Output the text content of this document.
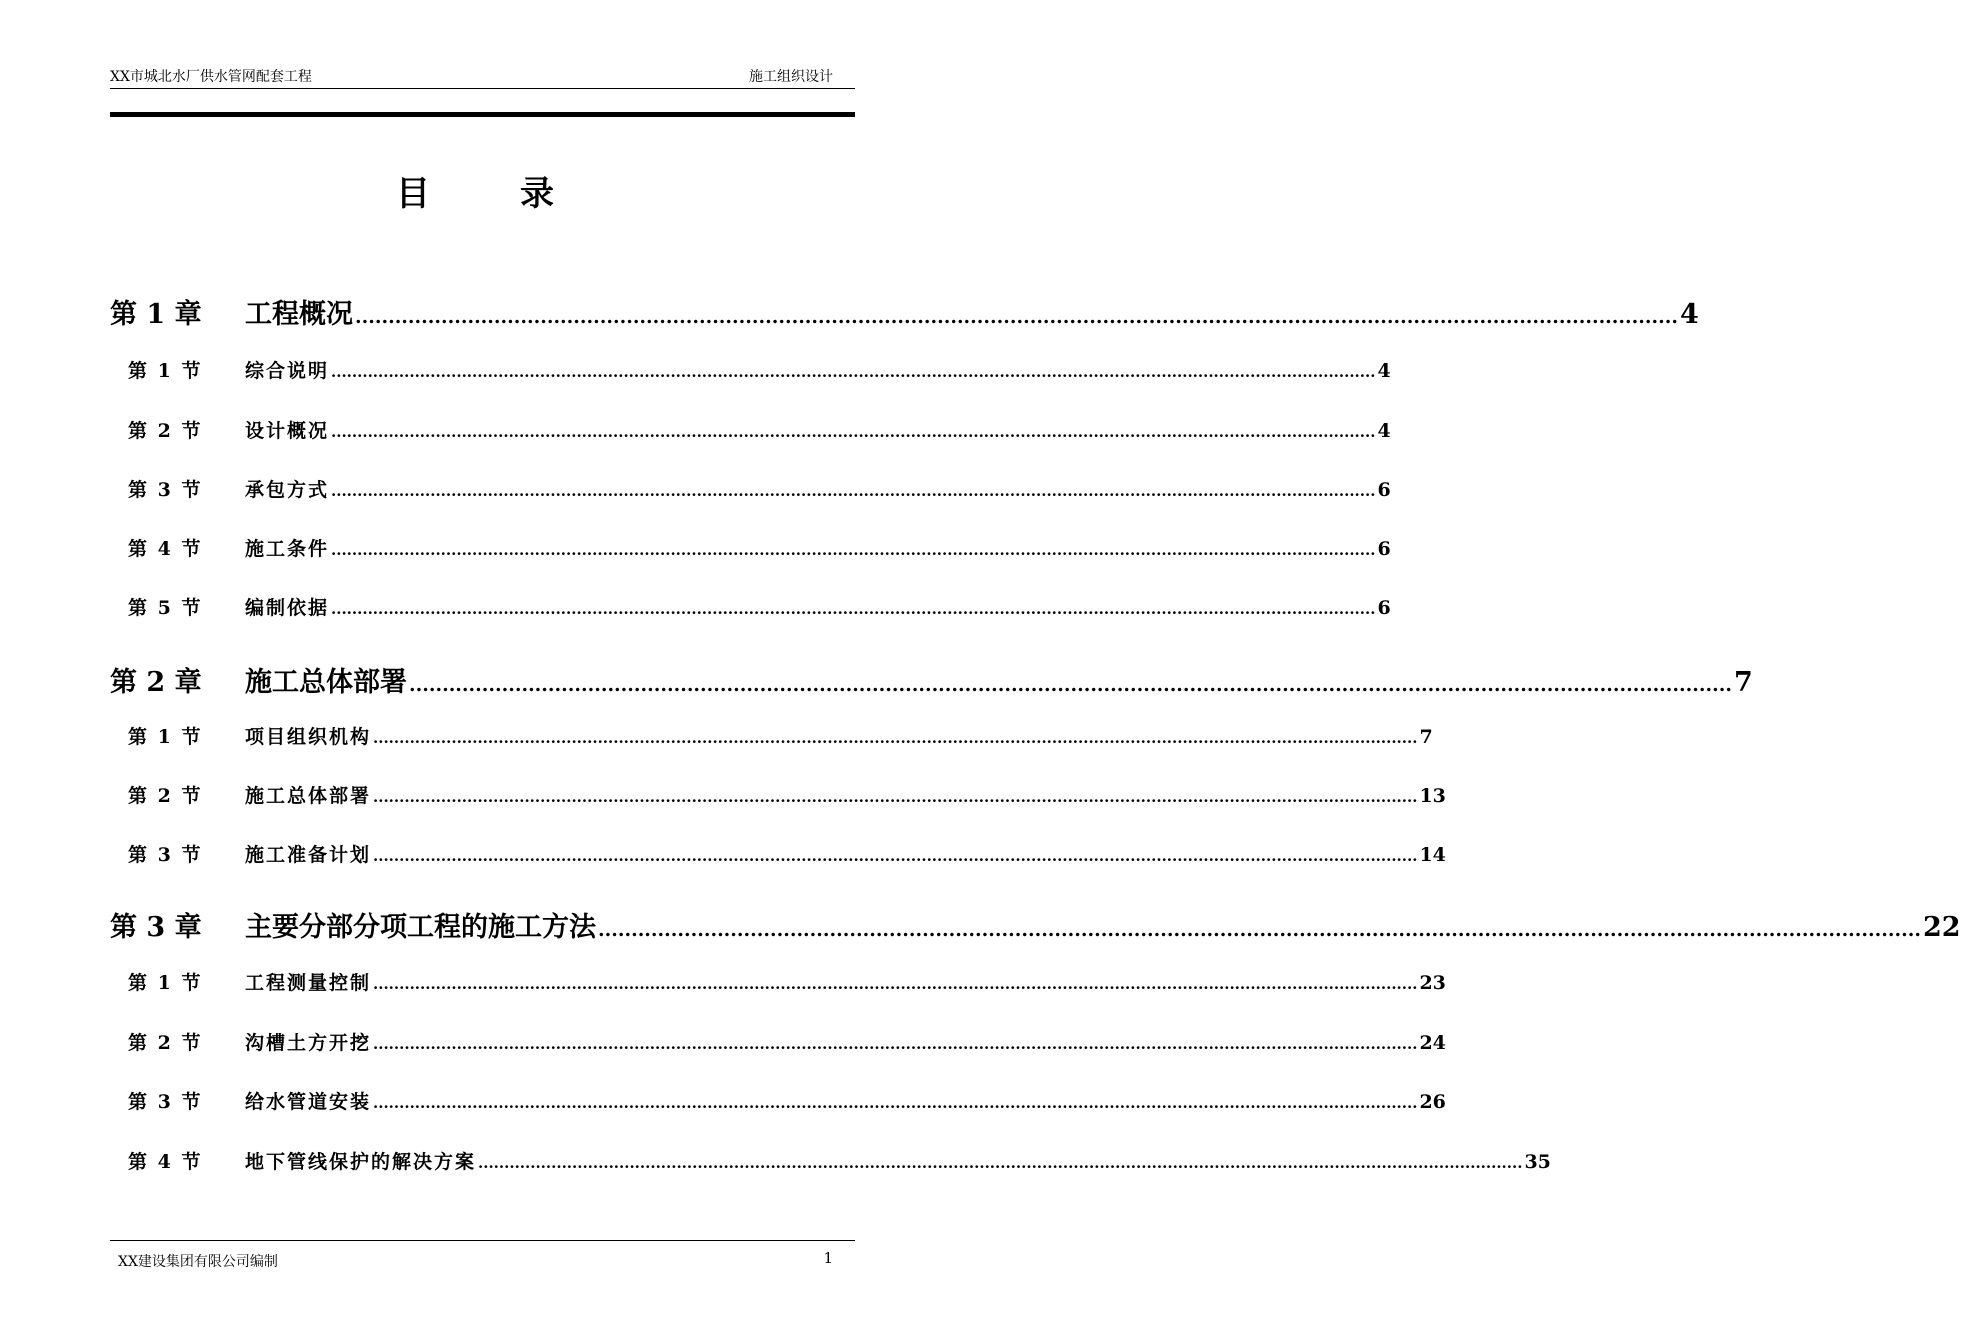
XX市城北水厂供水管网配套工程	施工组织设计
目	录
第 1 章	工程概况 ........................................................................................................................................................................................................ 4
第 1 节	综合说明 ........................................................................................................................................................................................................ 4
第 2 节	设计概况 ........................................................................................................................................................................................................ 4
第 3 节	承包方式 ........................................................................................................................................................................................................ 6
第 4 节	施工条件 ........................................................................................................................................................................................................ 6
第 5 节	编制依据 ........................................................................................................................................................................................................ 6
第 2 章	施工总体部署 ........................................................................................................................................................................................................ 7
第 1 节	项目组织机构 ........................................................................................................................................................................................................ 7
第 2 节	施工总体部署 ........................................................................................................................................................................................................ 13
第 3 节	施工准备计划 ........................................................................................................................................................................................................ 14
第 3 章	主要分部分项工程的施工方法 ........................................................................................................................................................................................................ 22
第 1 节	工程测量控制 ........................................................................................................................................................................................................ 23
第 2 节	沟槽土方开挖 ........................................................................................................................................................................................................ 24
第 3 节	给水管道安装 ........................................................................................................................................................................................................ 26
第 4 节	地下管线保护的解决方案 ........................................................................................................................................................................................................ 35
XX建设集团有限公司编制	1
